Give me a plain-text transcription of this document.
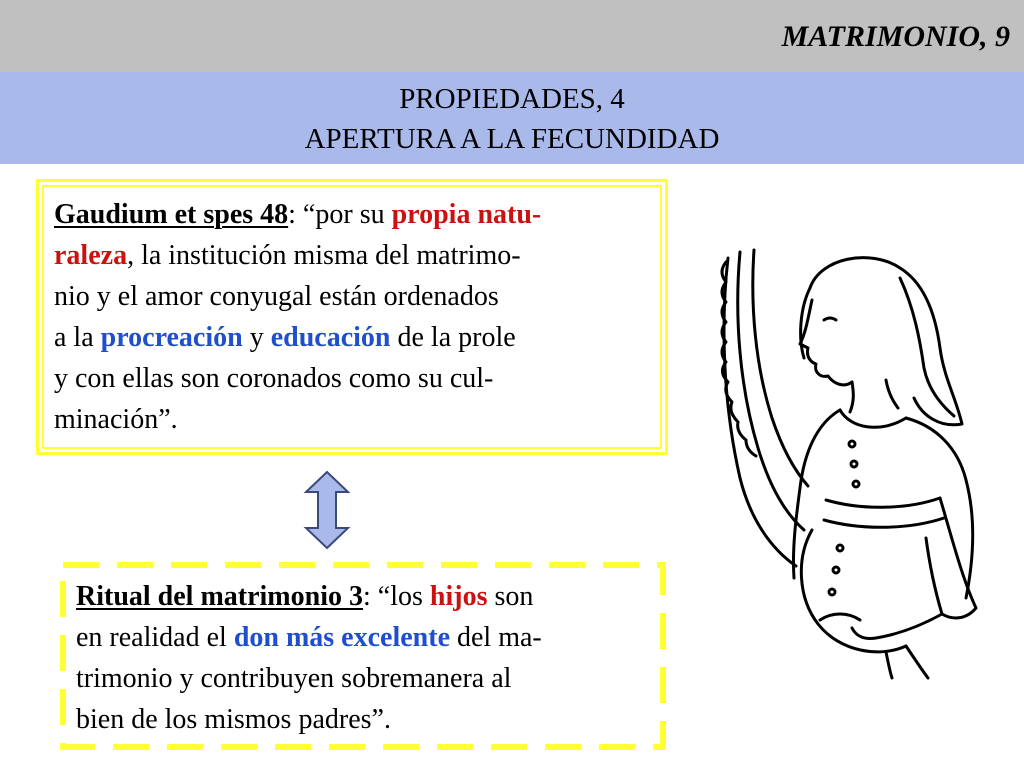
MATRIMONIO, 9
PROPIEDADES, 4
APERTURA A LA FECUNDIDAD
Gaudium et spes 48: “por su propia natu-
raleza, la institución misma del matrimo-
nio y el amor conyugal están ordenados
a la procreación y educación de la prole
y con ellas son coronados como su cul-
minación”.
Ritual del matrimonio 3: “los hijos son
en realidad el don más excelente del ma-
trimonio y contribuyen sobremanera al
bien de los mismos padres”.
